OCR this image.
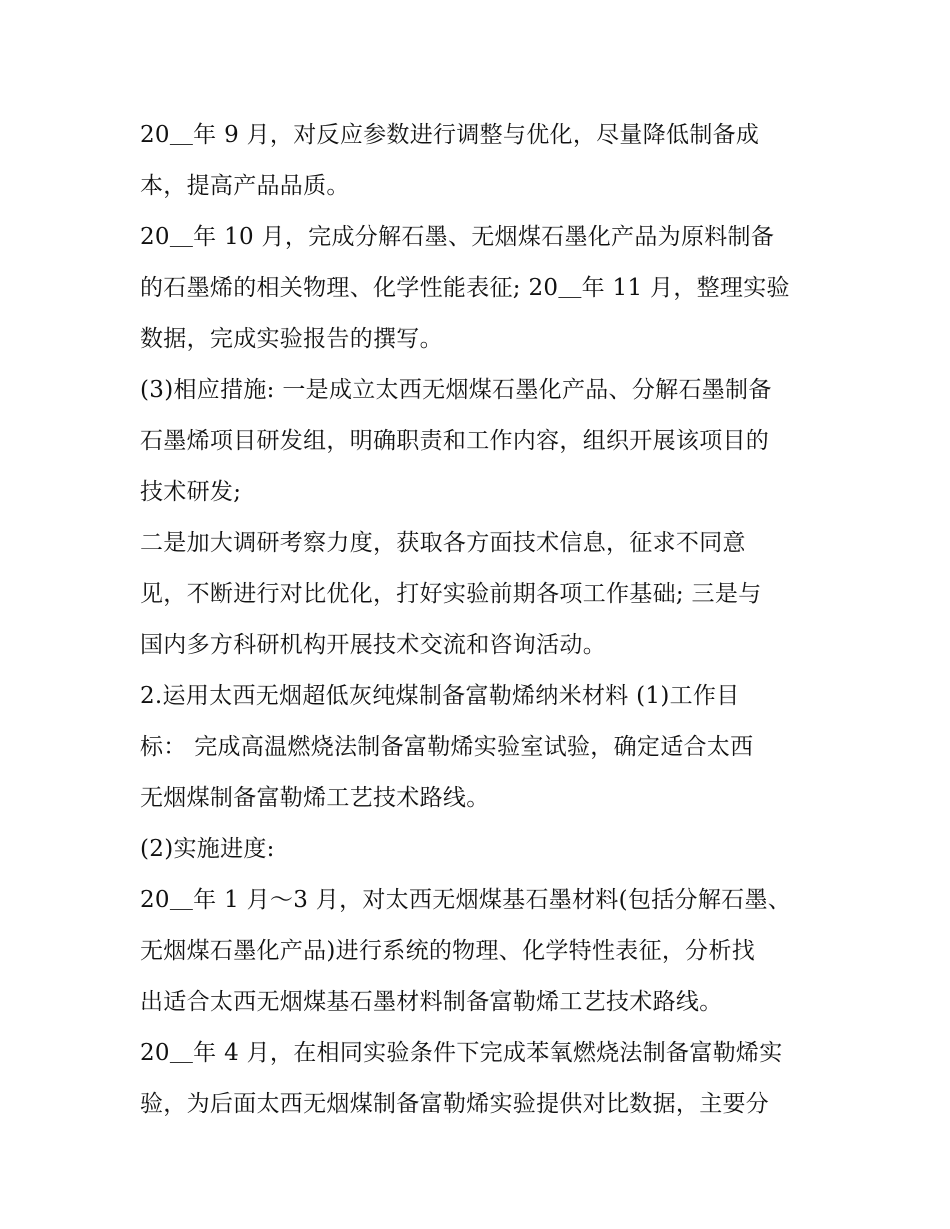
20＿年 9 月，对反应参数进行调整与优化，尽量降低制备成
本，提高产品品质。
20＿年 10 月，完成分解石墨、无烟煤石墨化产品为原料制备
的石墨烯的相关物理、化学性能表征; 20＿年 11 月，整理实验
数据，完成实验报告的撰写。
(3)相应措施: 一是成立太西无烟煤石墨化产品、分解石墨制备
石墨烯项目研发组，明确职责和工作内容，组织开展该项目的
技术研发;
二是加大调研考察力度，获取各方面技术信息，征求不同意
见，不断进行对比优化，打好实验前期各项工作基础; 三是与
国内多方科研机构开展技术交流和咨询活动。
2.运用太西无烟超低灰纯煤制备富勒烯纳米材料 (1)工作目
标： 完成高温燃烧法制备富勒烯实验室试验，确定适合太西
无烟煤制备富勒烯工艺技术路线。
(2)实施进度:
20＿年 1 月～3 月，对太西无烟煤基石墨材料(包括分解石墨、
无烟煤石墨化产品)进行系统的物理、化学特性表征，分析找
出适合太西无烟煤基石墨材料制备富勒烯工艺技术路线。
20＿年 4 月，在相同实验条件下完成苯氧燃烧法制备富勒烯实
验，为后面太西无烟煤制备富勒烯实验提供对比数据，主要分
